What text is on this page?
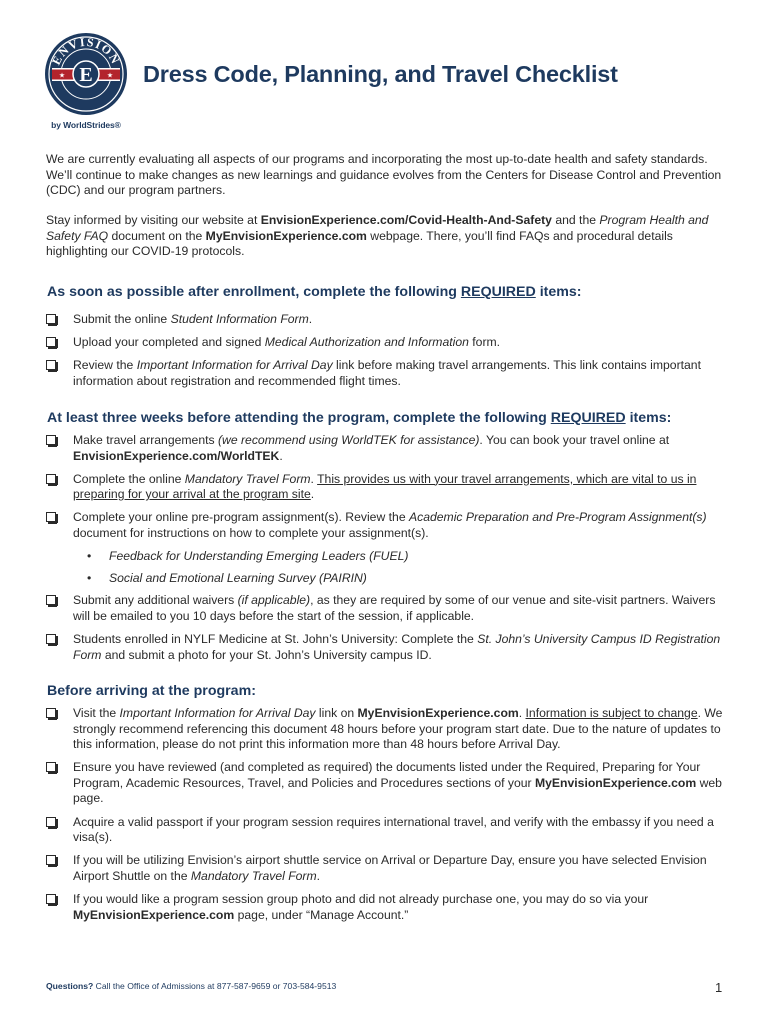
ENVISION
★	★
E
by WorldStrides®
Dress Code, Planning, and Travel Checklist

We are currently evaluating all aspects of our programs and incorporating the most up-to-date health and safety standards. We’ll continue to make changes as new learnings and guidance evolves from the Centers for Disease Control and Prevention (CDC) and our program partners.

Stay informed by visiting our website at EnvisionExperience.com/Covid-Health-And-Safety and the Program Health and Safety FAQ document on the MyEnvisionExperience.com webpage. There, you’ll find FAQs and procedural details highlighting our COVID-19 protocols.

As soon as possible after enrollment, complete the following REQUIRED items:
Submit the online Student Information Form.
Upload your completed and signed Medical Authorization and Information form.
Review the Important Information for Arrival Day link before making travel arrangements. This link contains important information about registration and recommended flight times.
At least three weeks before attending the program, complete the following REQUIRED items:
Make travel arrangements (we recommend using WorldTEK for assistance). You can book your travel online at EnvisionExperience.com/WorldTEK.
Complete the online Mandatory Travel Form. This provides us with your travel arrangements, which are vital to us in preparing for your arrival at the program site.
Complete your online pre-program assignment(s). Review the Academic Preparation and Pre-Program Assignment(s) document for instructions on how to complete your assignment(s).
• Feedback for Understanding Emerging Leaders (FUEL)
• Social and Emotional Learning Survey (PAIRIN)
Submit any additional waivers (if applicable), as they are required by some of our venue and site-visit partners. Waivers will be emailed to you 10 days before the start of the session, if applicable.
Students enrolled in NYLF Medicine at St. John’s University: Complete the St. John’s University Campus ID Registration Form and submit a photo for your St. John’s University campus ID.
Before arriving at the program:
Visit the Important Information for Arrival Day link on MyEnvisionExperience.com. Information is subject to change. We strongly recommend referencing this document 48 hours before your program start date. Due to the nature of updates to this information, please do not print this information more than 48 hours before Arrival Day.
Ensure you have reviewed (and completed as required) the documents listed under the Required, Preparing for Your Program, Academic Resources, Travel, and Policies and Procedures sections of your MyEnvisionExperience.com web page.
Acquire a valid passport if your program session requires international travel, and verify with the embassy if you need a visa(s).
If you will be utilizing Envision’s airport shuttle service on Arrival or Departure Day, ensure you have selected Envision Airport Shuttle on the Mandatory Travel Form.
If you would like a program session group photo and did not already purchase one, you may do so via your MyEnvisionExperience.com page, under “Manage Account.”
Questions? Call the Office of Admissions at 877-587-9659 or 703-584-9513	1
